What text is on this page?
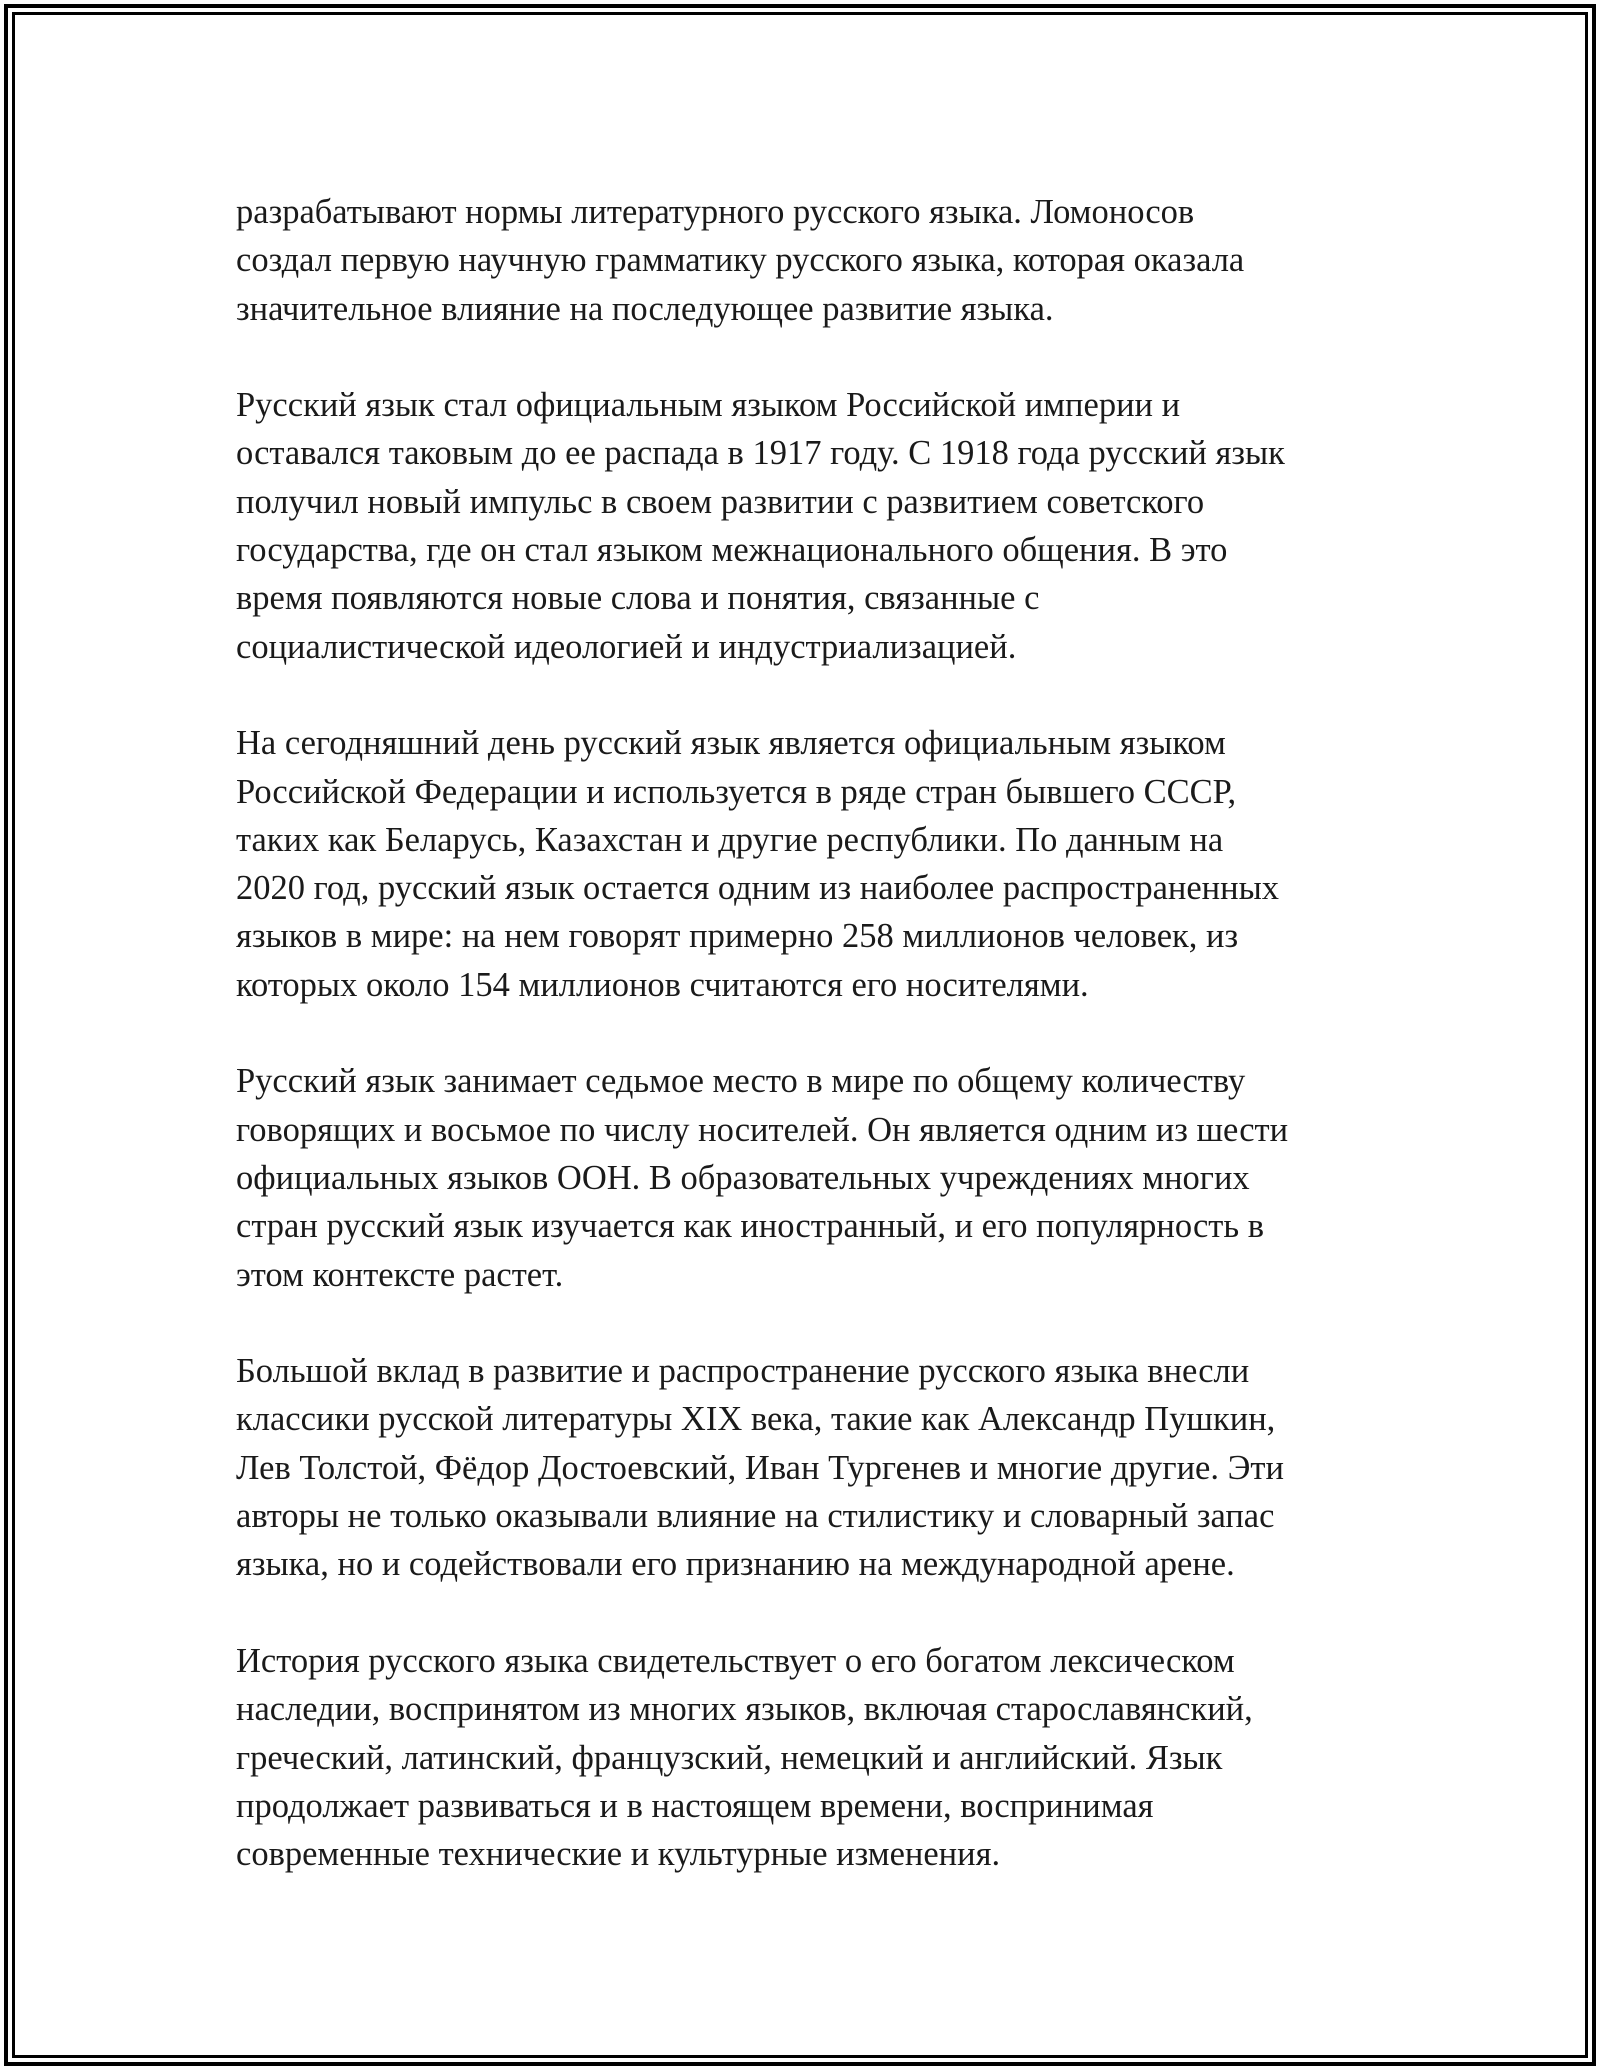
разрабатывают нормы литературного русского языка. Ломоносов
создал первую научную грамматику русского языка, которая оказала
значительное влияние на последующее развитие языка.

Русский язык стал официальным языком Российской империи и
оставался таковым до ее распада в 1917 году. С 1918 года русский язык
получил новый импульс в своем развитии с развитием советского
государства, где он стал языком межнационального общения. В это
время появляются новые слова и понятия, связанные с
социалистической идеологией и индустриализацией.

На сегодняшний день русский язык является официальным языком
Российской Федерации и используется в ряде стран бывшего СССР,
таких как Беларусь, Казахстан и другие республики. По данным на
2020 год, русский язык остается одним из наиболее распространенных
языков в мире: на нем говорят примерно 258 миллионов человек, из
которых около 154 миллионов считаются его носителями.

Русский язык занимает седьмое место в мире по общему количеству
говорящих и восьмое по числу носителей. Он является одним из шести
официальных языков ООН. В образовательных учреждениях многих
стран русский язык изучается как иностранный, и его популярность в
этом контексте растет.

Большой вклад в развитие и распространение русского языка внесли
классики русской литературы XIX века, такие как Александр Пушкин,
Лев Толстой, Фёдор Достоевский, Иван Тургенев и многие другие. Эти
авторы не только оказывали влияние на стилистику и словарный запас
языка, но и содействовали его признанию на международной арене.

История русского языка свидетельствует о его богатом лексическом
наследии, воспринятом из многих языков, включая старославянский,
греческий, латинский, французский, немецкий и английский. Язык
продолжает развиваться и в настоящем времени, воспринимая
современные технические и культурные изменения.
